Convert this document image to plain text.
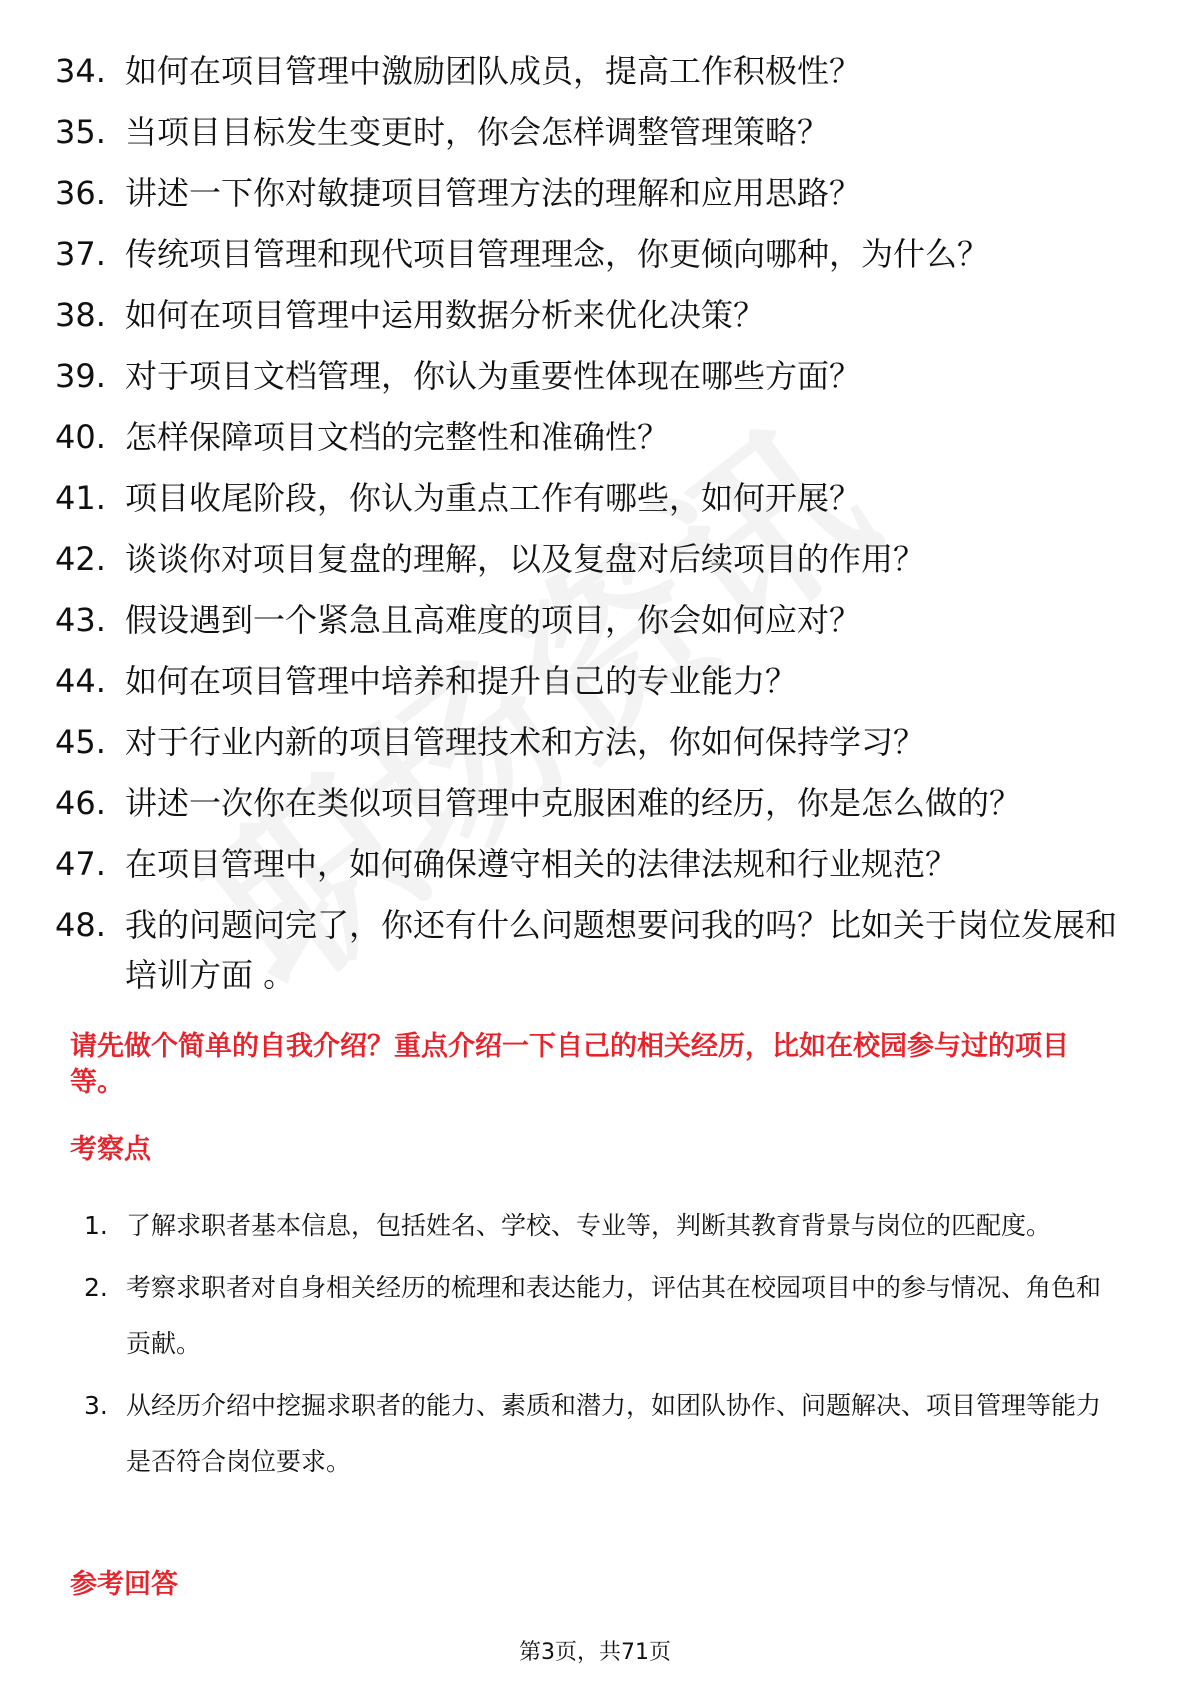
34. 如何在项目管理中激励团队成员，提高工作积极性？
35. 当项目目标发生变更时，你会怎样调整管理策略？
36. 讲述一下你对敏捷项目管理方法的理解和应用思路？
37. 传统项目管理和现代项目管理理念，你更倾向哪种，为什么？
38. 如何在项目管理中运用数据分析来优化决策？
39. 对于项目文档管理，你认为重要性体现在哪些方面？
40. 怎样保障项目文档的完整性和准确性？
41. 项目收尾阶段，你认为重点工作有哪些，如何开展？
42. 谈谈你对项目复盘的理解，以及复盘对后续项目的作用？
43. 假设遇到一个紧急且高难度的项目，你会如何应对？
44. 如何在项目管理中培养和提升自己的专业能力？
45. 对于行业内新的项目管理技术和方法，你如何保持学习？
46. 讲述一次你在类似项目管理中克服困难的经历，你是怎么做的？
47. 在项目管理中，如何确保遵守相关的法律法规和行业规范？
48. 我的问题问完了，你还有什么问题想要问我的吗？比如关于岗位发展和培训方面 。
请先做个简单的自我介绍？重点介绍一下自己的相关经历，比如在校园参与过的项目等。
考察点
1. 了解求职者基本信息，包括姓名、学校、专业等，判断其教育背景与岗位的匹配度。
2. 考察求职者对自身相关经历的梳理和表达能力，评估其在校园项目中的参与情况、角色和贡献。
3. 从经历介绍中挖掘求职者的能力、素质和潜力，如团队协作、问题解决、项目管理等能力是否符合岗位要求。
参考回答
第3页，共71页
